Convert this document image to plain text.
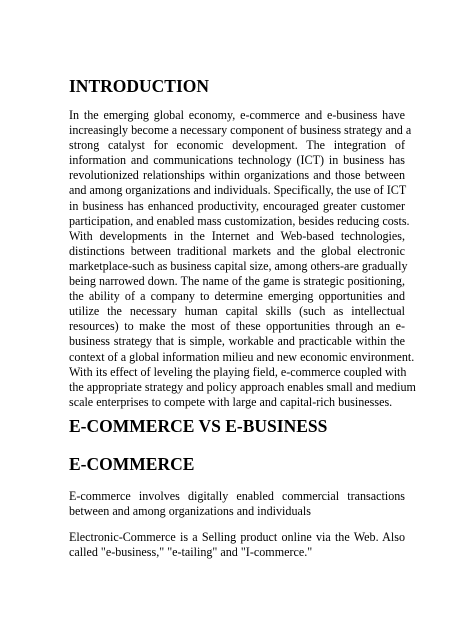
INTRODUCTION
In the emerging global economy, e-commerce and e-business have
increasingly become a necessary component of business strategy and a
strong catalyst for economic development. The integration of
information and communications technology (ICT) in business has
revolutionized relationships within organizations and those between
and among organizations and individuals. Specifically, the use of ICT
in business has enhanced productivity, encouraged greater customer
participation, and enabled mass customization, besides reducing costs.
With developments in the Internet and Web-based technologies,
distinctions between traditional markets and the global electronic
marketplace-such as business capital size, among others-are gradually
being narrowed down. The name of the game is strategic positioning,
the ability of a company to determine emerging opportunities and
utilize the necessary human capital skills (such as intellectual
resources) to make the most of these opportunities through an e-
business strategy that is simple, workable and practicable within the
context of a global information milieu and new economic environment.
With its effect of leveling the playing field, e-commerce coupled with
the appropriate strategy and policy approach enables small and medium
scale enterprises to compete with large and capital-rich businesses.
E-COMMERCE VS E-BUSINESS
E-COMMERCE
E-commerce involves digitally enabled commercial transactions
between and among organizations and individuals
Electronic-Commerce is a Selling product online via the Web. Also
called "e-business," "e-tailing" and "I-commerce."
